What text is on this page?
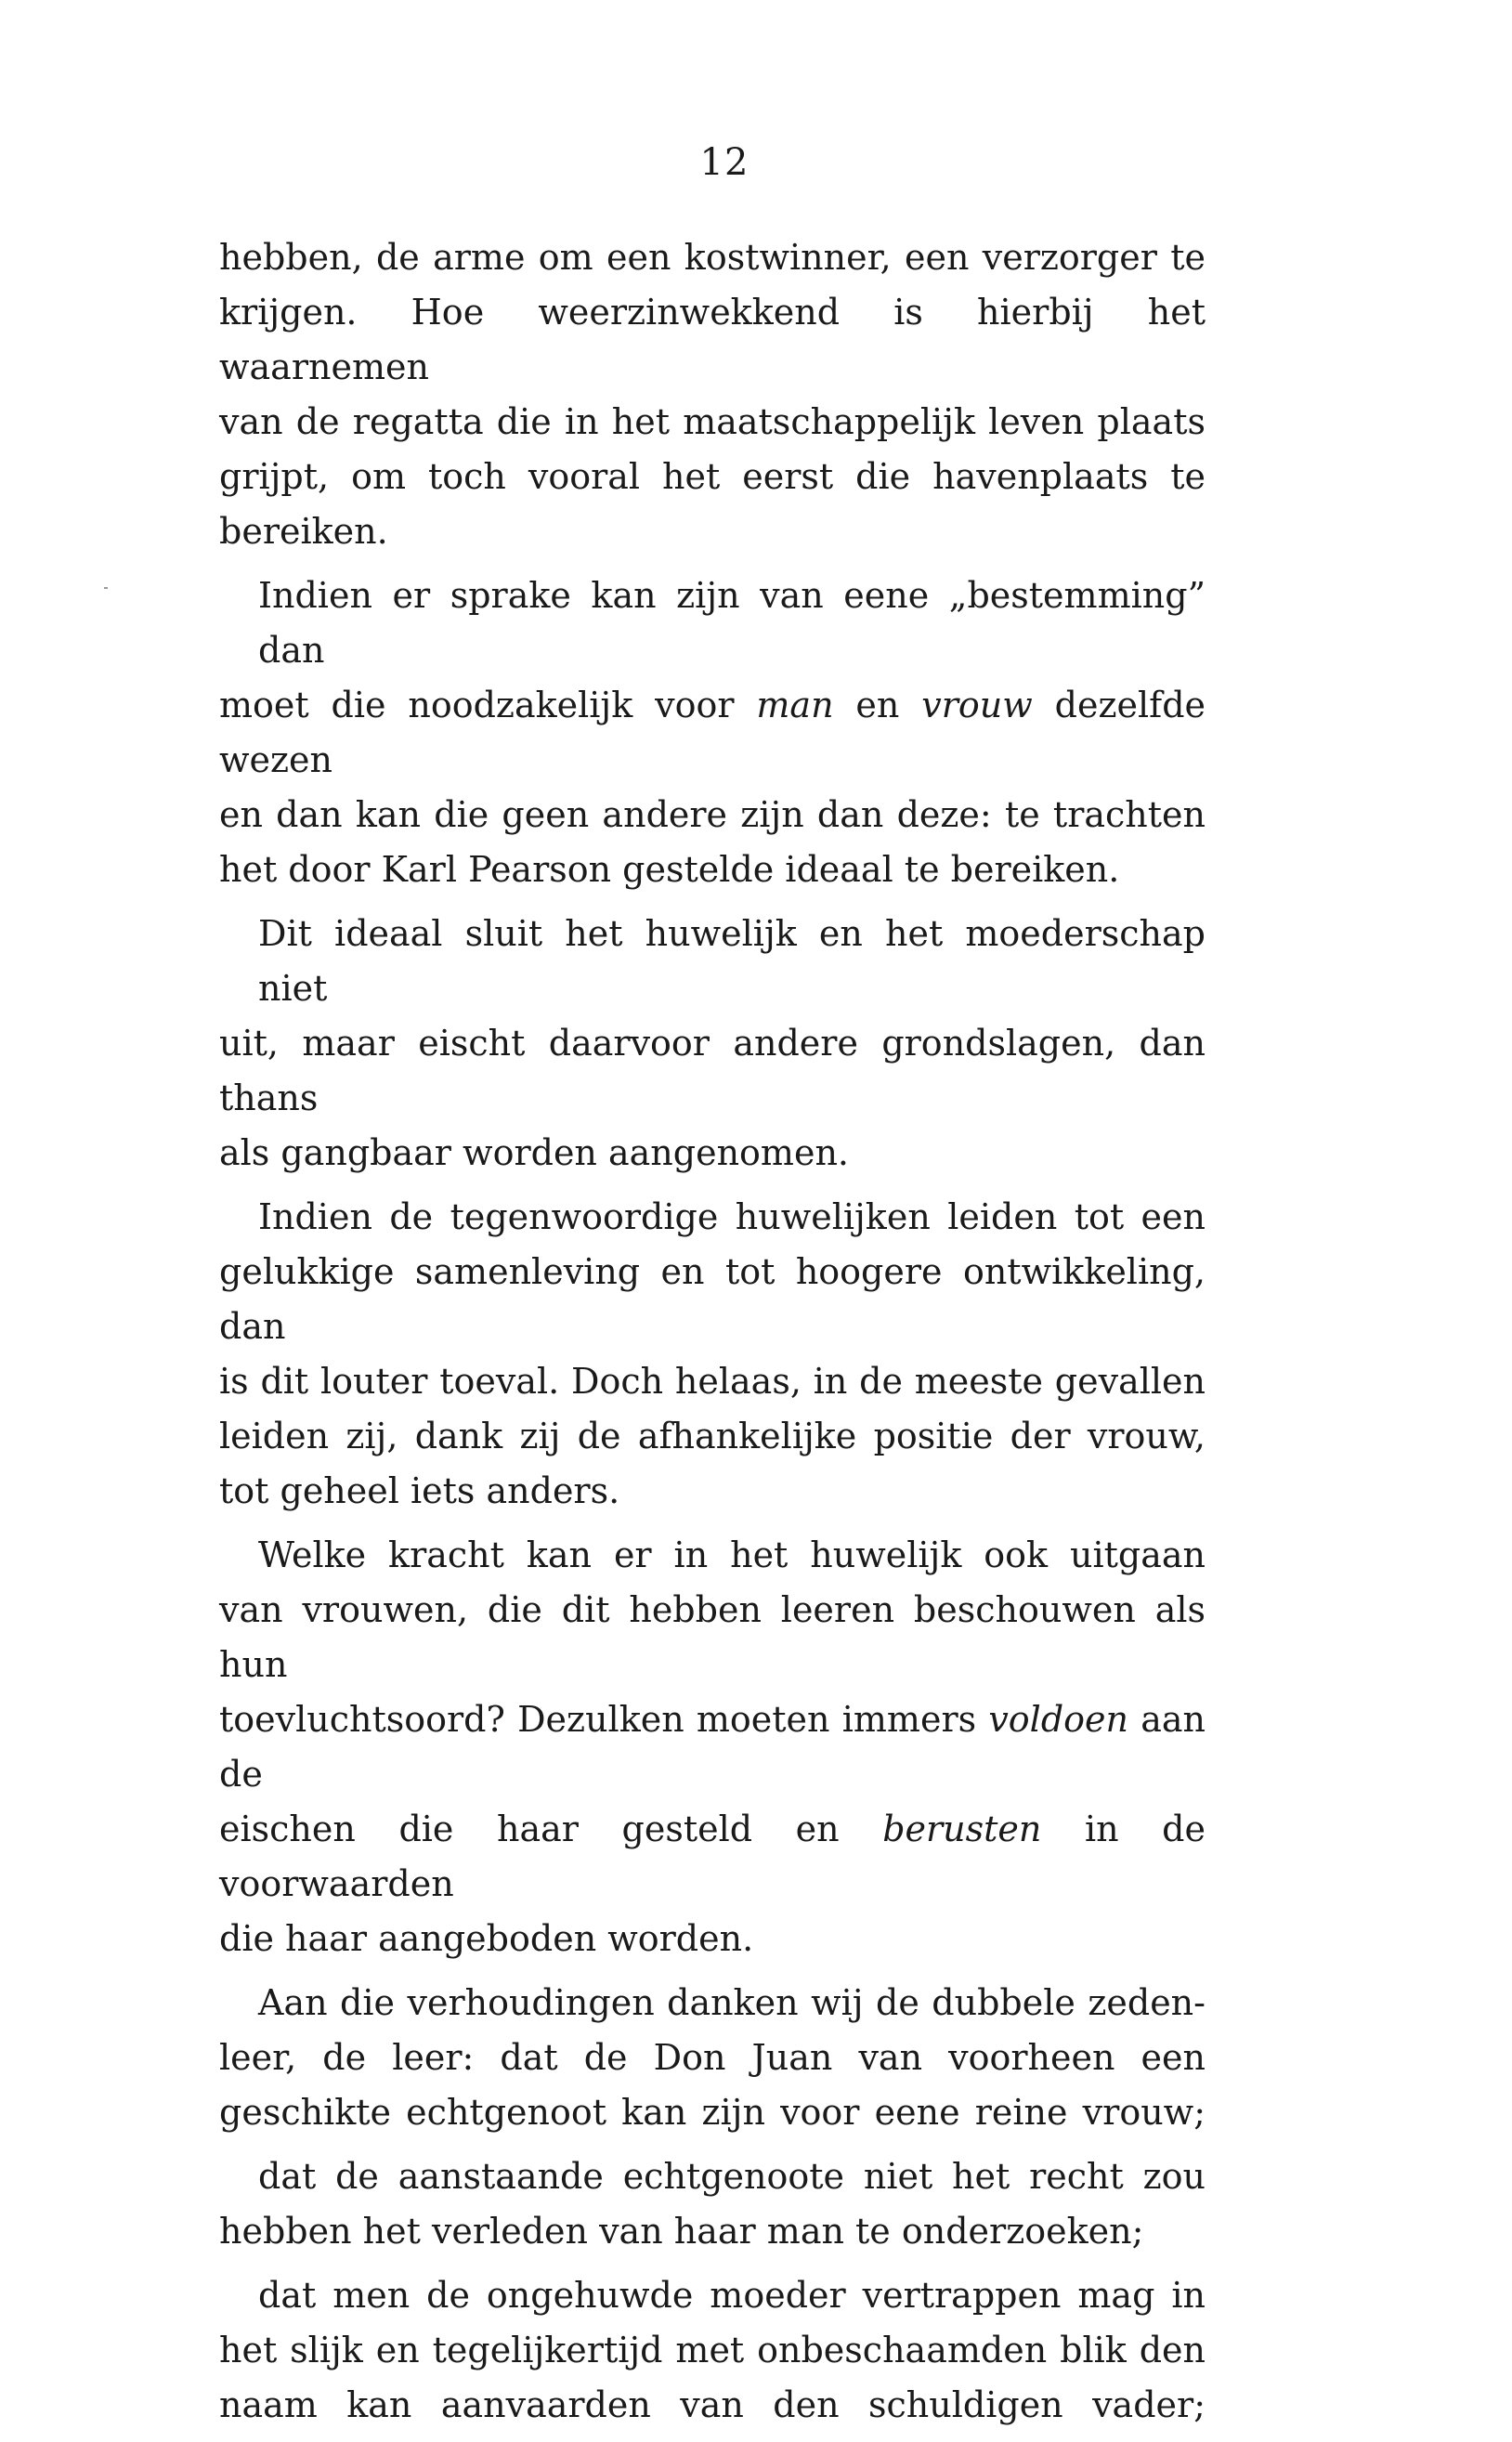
12

hebben, de arme om een kostwinner, een verzorger te
krijgen. Hoe weerzinwekkend is hierbij het waarnemen
van de regatta die in het maatschappelijk leven plaats
grijpt, om toch vooral het eerst die havenplaats te
bereiken.

Indien er sprake kan zijn van eene „bestemming” dan
moet die noodzakelijk voor man en vrouw dezelfde wezen
en dan kan die geen andere zijn dan deze: te trachten
het door Karl Pearson gestelde ideaal te bereiken.

Dit ideaal sluit het huwelijk en het moederschap niet
uit, maar eischt daarvoor andere grondslagen, dan thans
als gangbaar worden aangenomen.

Indien de tegenwoordige huwelijken leiden tot een
gelukkige samenleving en tot hoogere ontwikkeling, dan
is dit louter toeval. Doch helaas, in de meeste gevallen
leiden zij, dank zij de afhankelijke positie der vrouw,
tot geheel iets anders.

Welke kracht kan er in het huwelijk ook uitgaan
van vrouwen, die dit hebben leeren beschouwen als hun
toevluchtsoord? Dezulken moeten immers voldoen aan de
eischen die haar gesteld en berusten in de voorwaarden
die haar aangeboden worden.

Aan die verhoudingen danken wij de dubbele zeden-
leer, de leer: dat de Don Juan van voorheen een
geschikte echtgenoot kan zijn voor eene reine vrouw;

dat de aanstaande echtgenoote niet het recht zou
hebben het verleden van haar man te onderzoeken;

dat men de ongehuwde moeder vertrappen mag in
het slijk en tegelijkertijd met onbeschaamden blik den
naam kan aanvaarden van den schuldigen vader;
